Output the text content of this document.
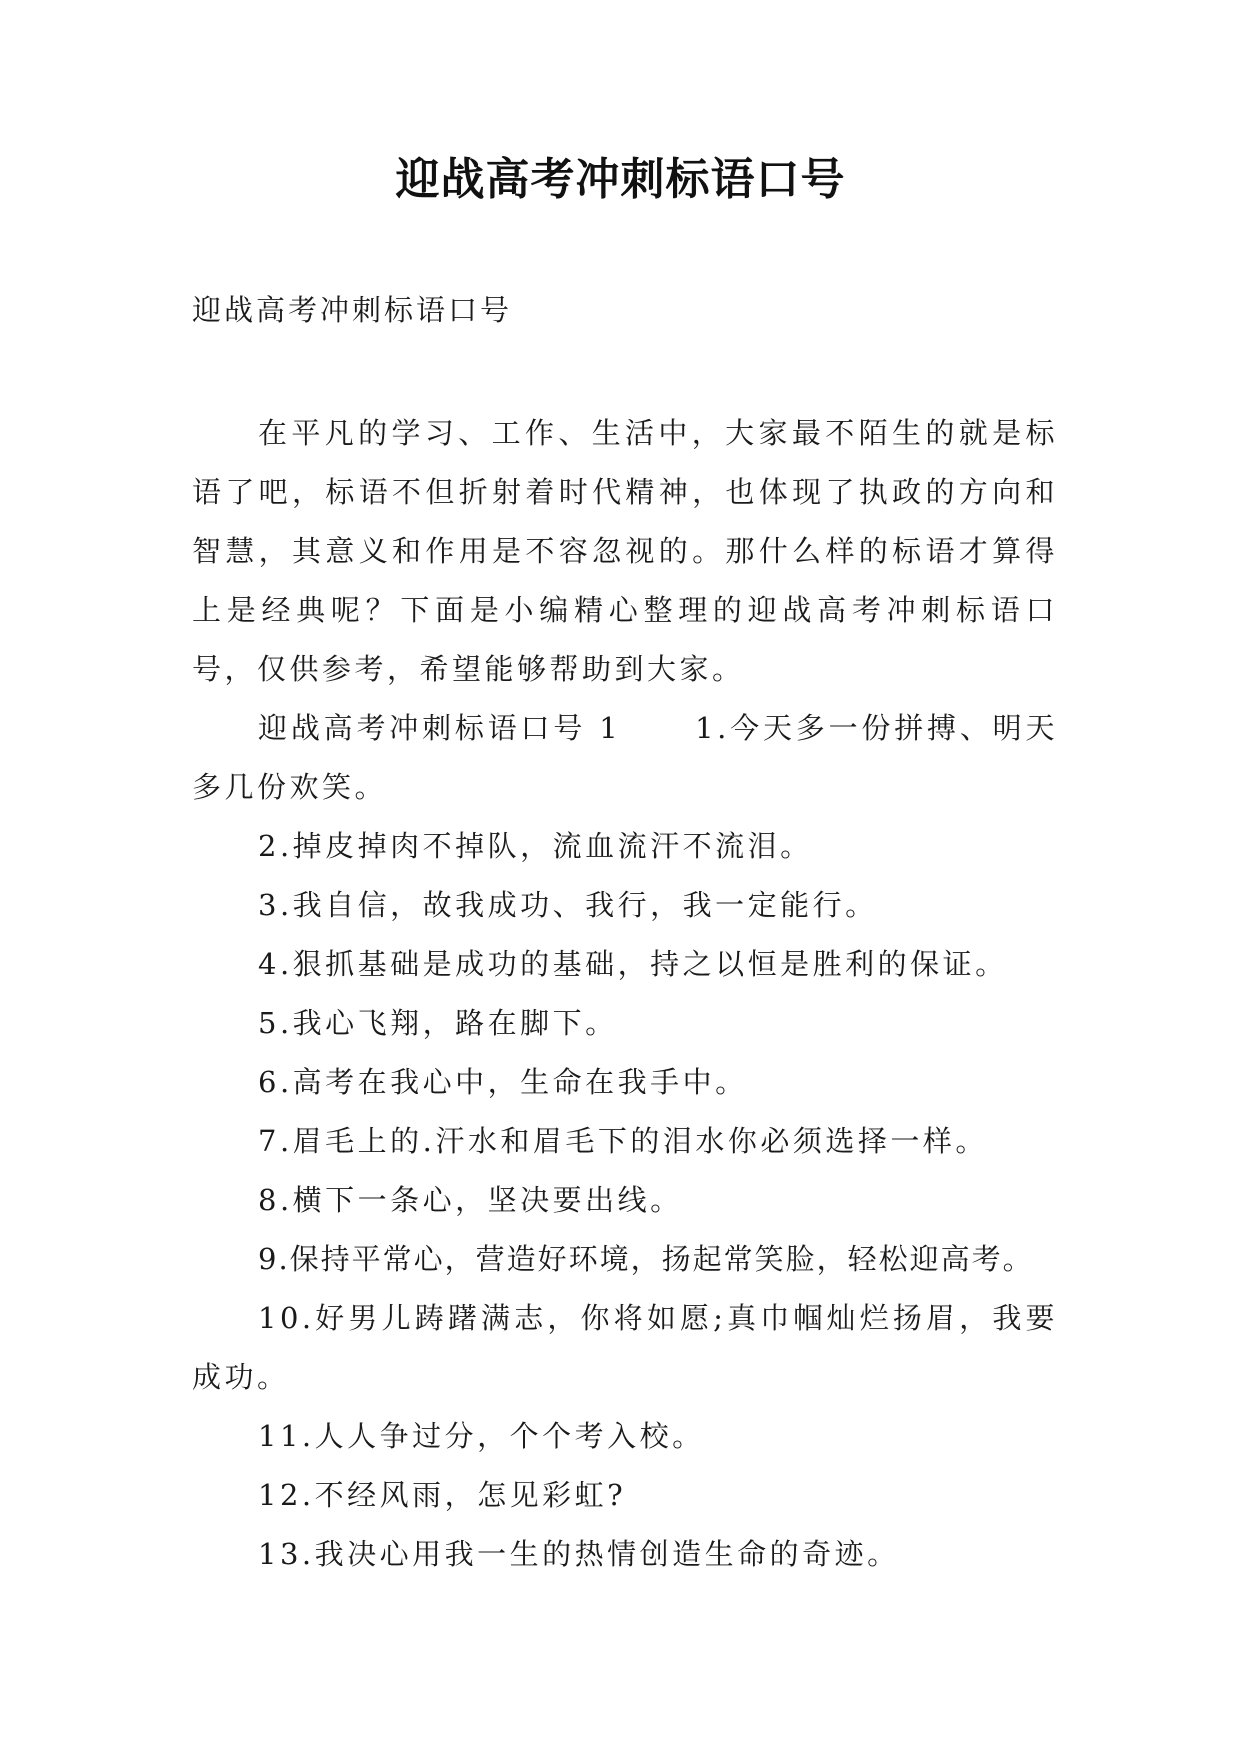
迎战高考冲刺标语口号
迎战高考冲刺标语口号

在平凡的学习、工作、生活中，大家最不陌生的就是标语了吧，标语不但折射着时代精神，也体现了执政的方向和智慧，其意义和作用是不容忽视的。那什么样的标语才算得上是经典呢？下面是小编精心整理的迎战高考冲刺标语口号，仅供参考，希望能够帮助到大家。

迎战高考冲刺标语口号 1	1.今天多一份拼搏、明天多几份欢笑。

2.掉皮掉肉不掉队，流血流汗不流泪。

3.我自信，故我成功、我行，我一定能行。

4.狠抓基础是成功的基础，持之以恒是胜利的保证。

5.我心飞翔，路在脚下。

6.高考在我心中，生命在我手中。

7.眉毛上的.汗水和眉毛下的泪水你必须选择一样。

8.横下一条心，坚决要出线。

9.保持平常心，营造好环境，扬起常笑脸，轻松迎高考。

10.好男儿踌躇满志，你将如愿;真巾帼灿烂扬眉，我要成功。

11.人人争过分，个个考入校。

12.不经风雨，怎见彩虹?

13.我决心用我一生的热情创造生命的奇迹。
